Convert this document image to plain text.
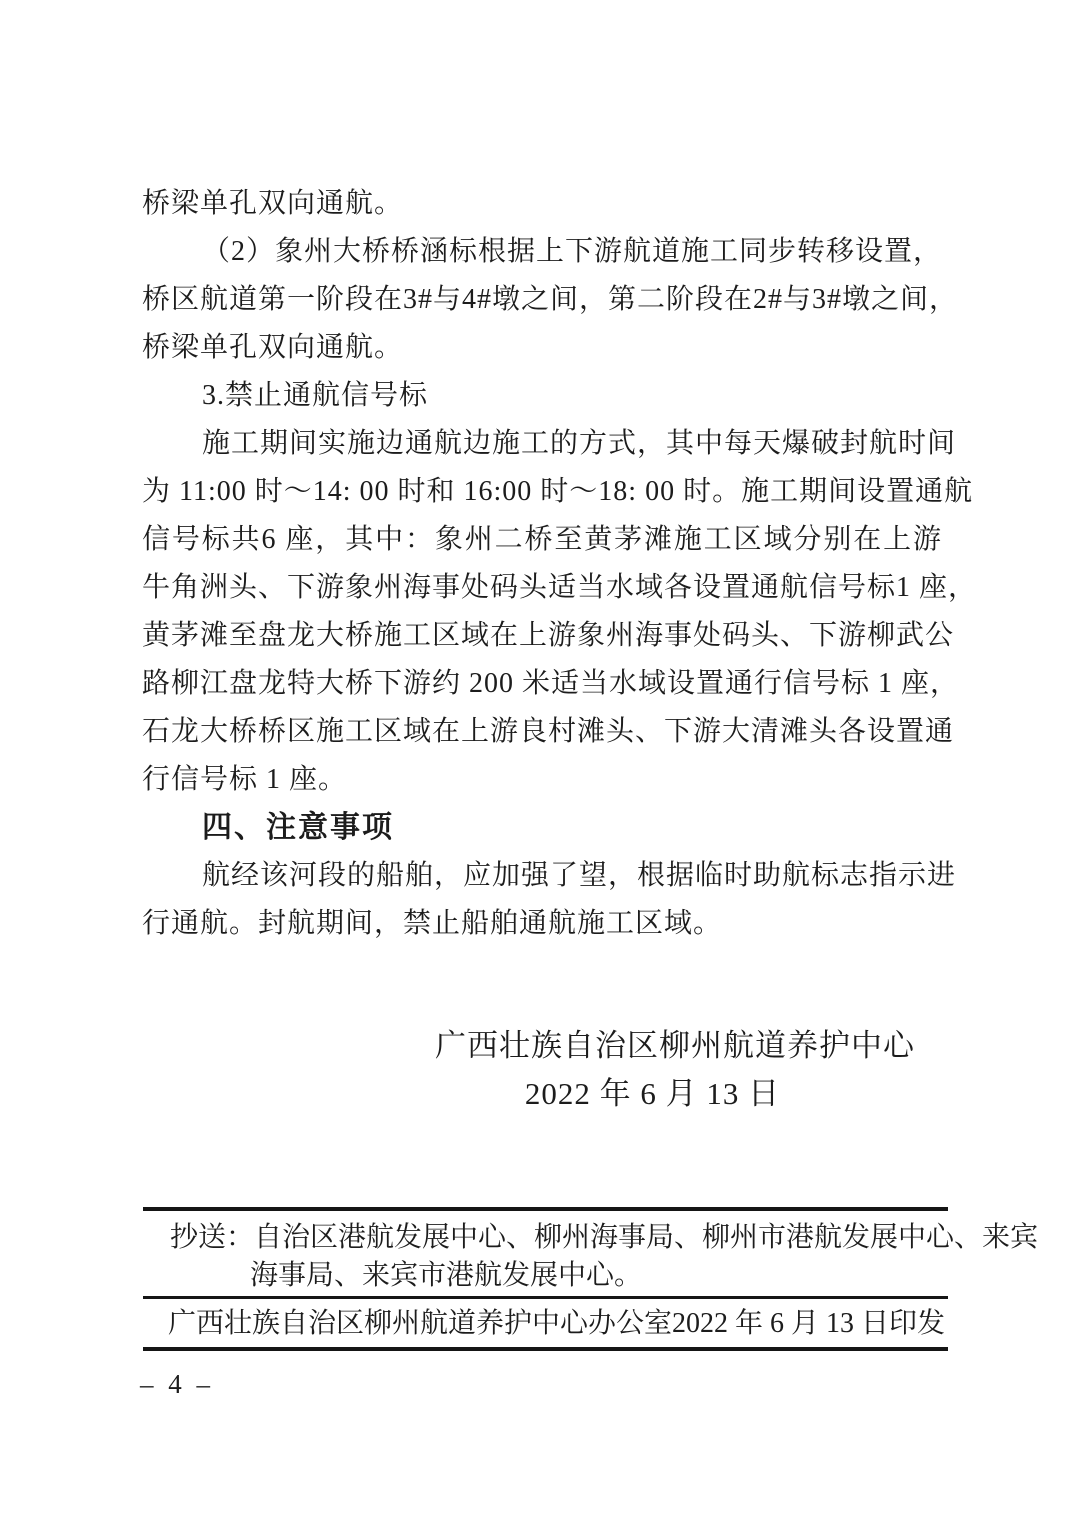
桥梁单孔双向通航。
（2）象州大桥桥涵标根据上下游航道施工同步转移设置，
桥区航道第一阶段在3#与4#墩之间，第二阶段在2#与3#墩之间，
桥梁单孔双向通航。
3.禁止通航信号标
施工期间实施边通航边施工的方式，其中每天爆破封航时间
为 11:00 时～14: 00 时和 16:00 时～18: 00 时。施工期间设置通航
信号标共6 座，其中：象州二桥至黄茅滩施工区域分别在上游
牛角洲头、下游象州海事处码头适当水域各设置通航信号标1 座，
黄茅滩至盘龙大桥施工区域在上游象州海事处码头、下游柳武公
路柳江盘龙特大桥下游约 200 米适当水域设置通行信号标 1 座，
石龙大桥桥区施工区域在上游良村滩头、下游大清滩头各设置通
行信号标 1 座。
四、注意事项
航经该河段的船舶，应加强了望，根据临时助航标志指示进
行通航。封航期间，禁止船舶通航施工区域。
广西壮族自治区柳州航道养护中心
2022 年 6 月 13 日
抄送：自治区港航发展中心、柳州海事局、柳州市港航发展中心、来宾
海事局、来宾市港航发展中心。
广西壮族自治区柳州航道养护中心办公室 2022 年 6 月 13 日印发
– 4 –
